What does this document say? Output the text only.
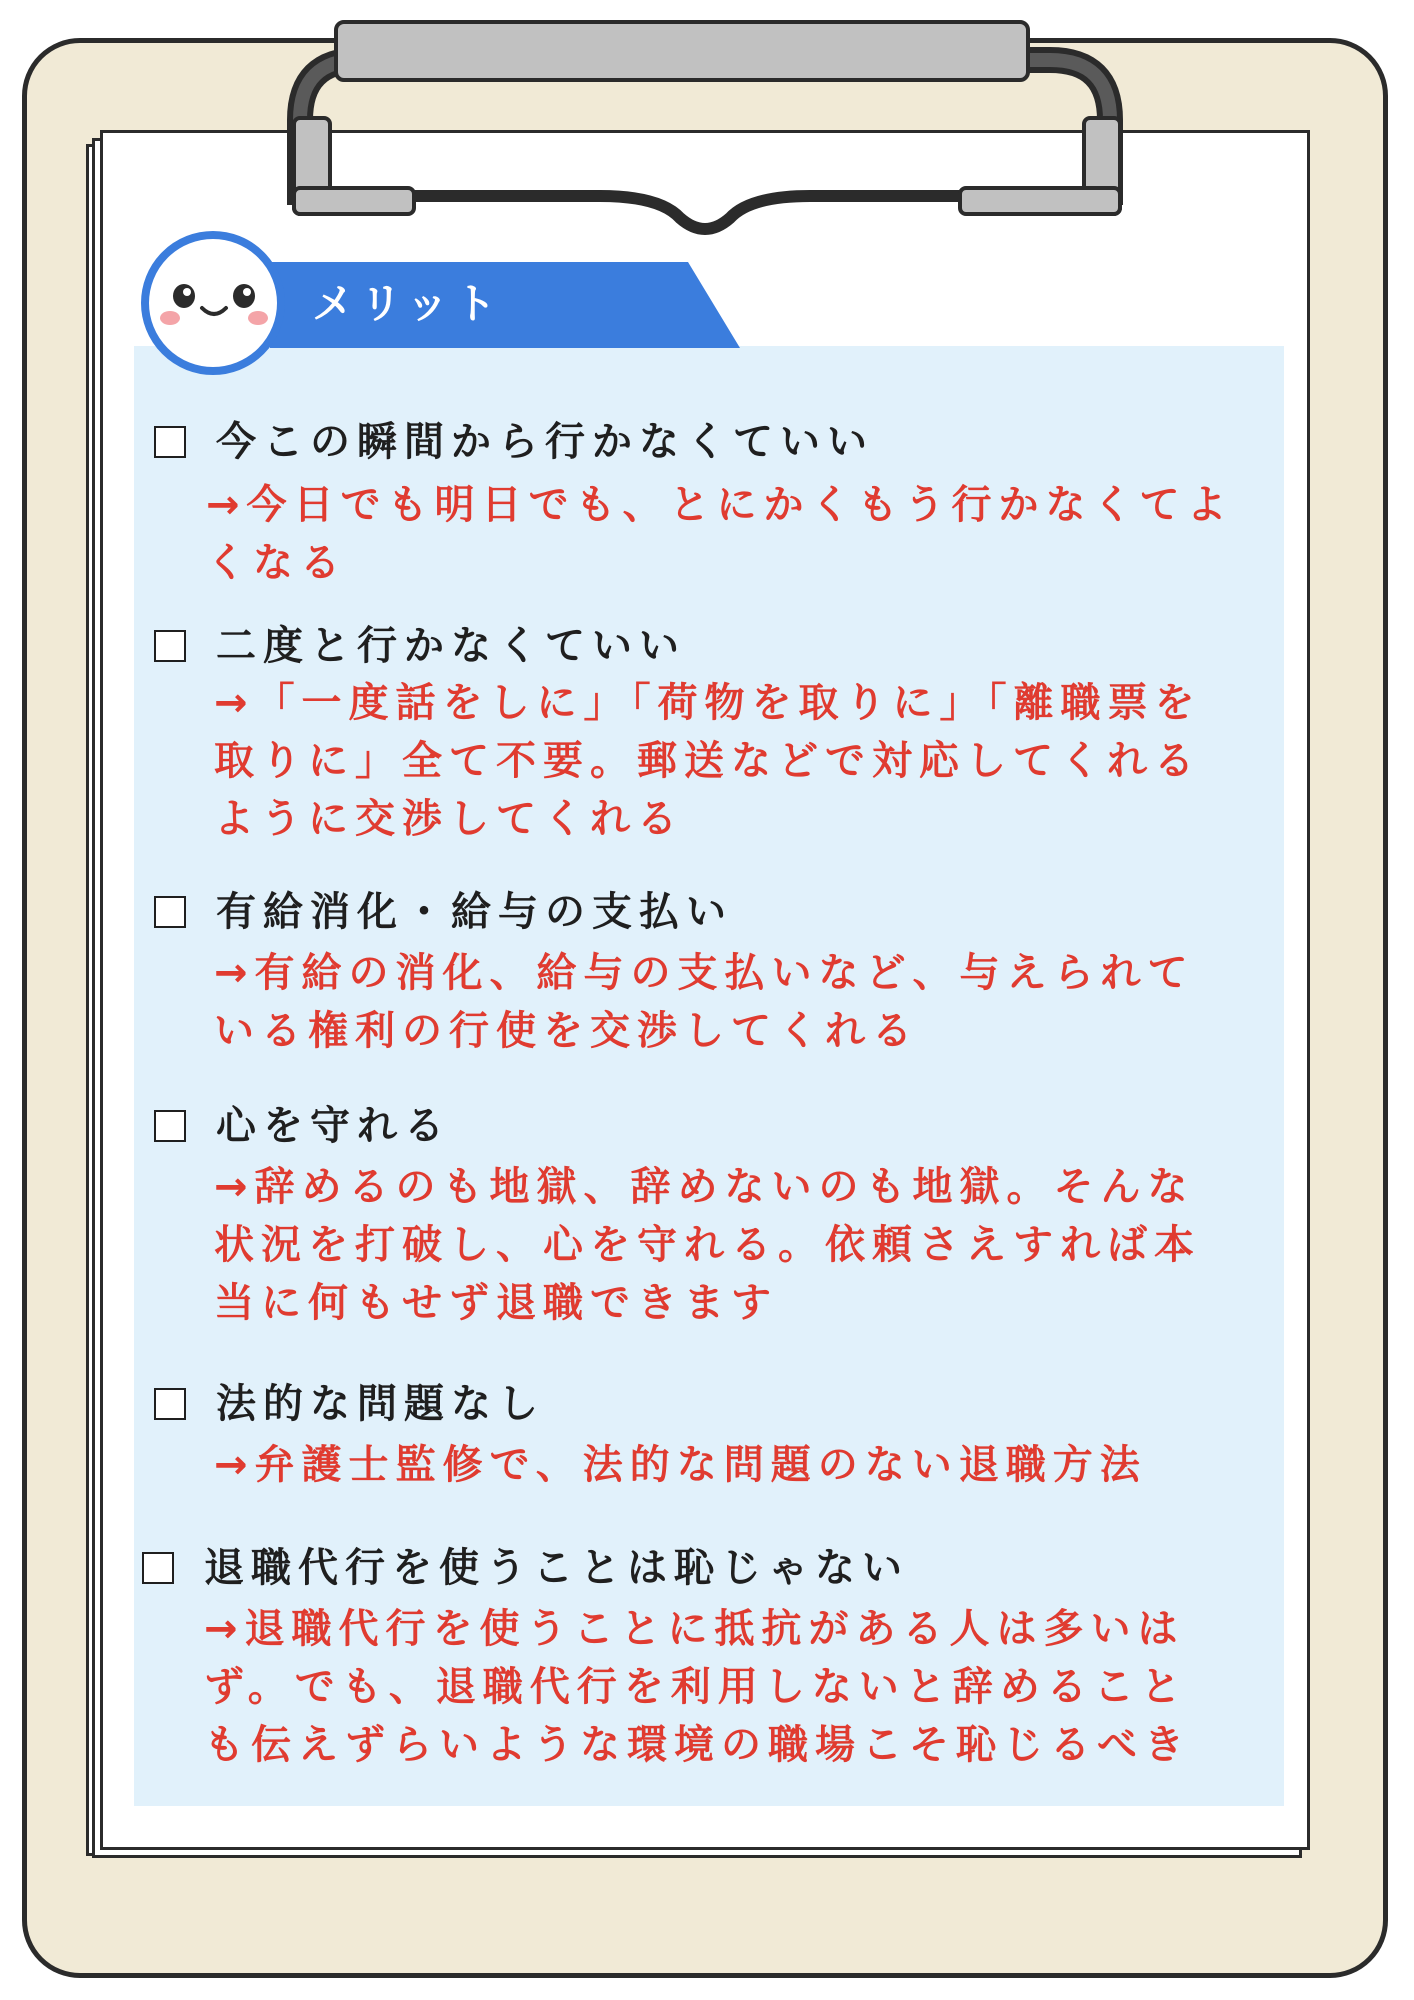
メリット
今この瞬間から行かなくていい
→今日でも明日でも、とにかくもう行かなくてよくなる
二度と行かなくていい
→「一度話をしに」「荷物を取りに」「離職票を取りに」全て不要。郵送などで対応してくれるように交渉してくれる
有給消化・給与の支払い
→有給の消化、給与の支払いなど、与えられている権利の行使を交渉してくれる
心を守れる
→辞めるのも地獄、辞めないのも地獄。そんな状況を打破し、心を守れる。依頼さえすれば本当に何もせず退職できます
法的な問題なし
→弁護士監修で、法的な問題のない退職方法
退職代行を使うことは恥じゃない
→退職代行を使うことに抵抗がある人は多いはず。でも、退職代行を利用しないと辞めることも伝えずらいような環境の職場こそ恥じるべき
